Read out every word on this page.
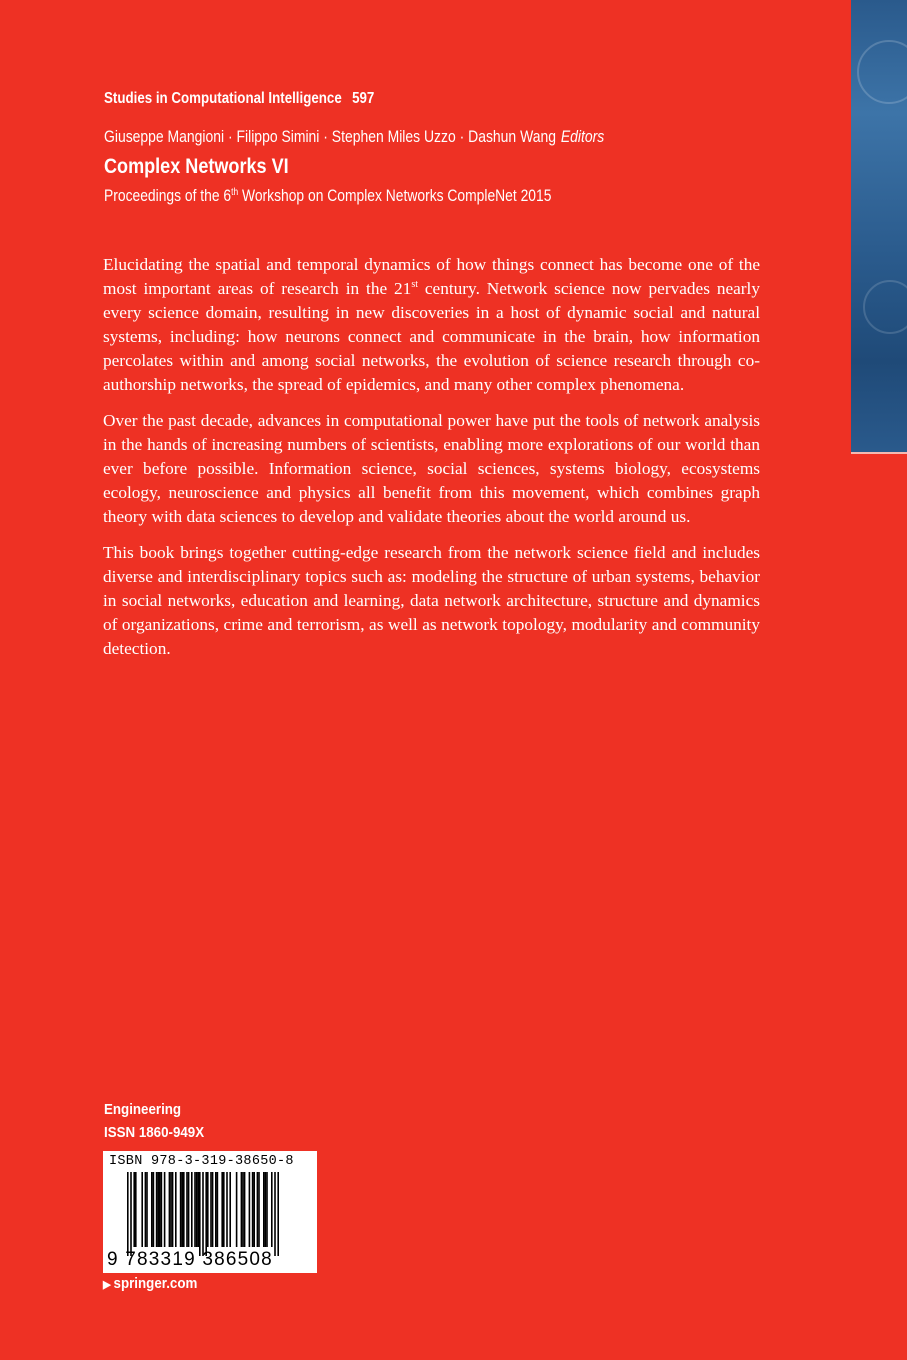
Studies in Computational Intelligence 597
Giuseppe Mangioni · Filippo Simini · Stephen Miles Uzzo · Dashun Wang Editors
Complex Networks VI
Proceedings of the 6th Workshop on Complex Networks CompleNet 2015

Elucidating the spatial and temporal dynamics of how things connect has become one of the most important areas of research in the 21st century. Network science now pervades nearly every science domain, resulting in new discoveries in a host of dynamic social and natural systems, including: how neurons connect and communicate in the brain, how information percolates within and among social networks, the evolution of science research through co-authorship networks, the spread of epidemics, and many other complex phenomena.

Over the past decade, advances in computational power have put the tools of network analysis in the hands of increasing numbers of scientists, enabling more explorations of our world than ever before possible. Information science, social sciences, systems biology, ecosystems ecology, neuroscience and physics all benefit from this movement, which combines graph theory with data sciences to develop and validate theories about the world around us.

This book brings together cutting-edge research from the network science field and includes diverse and interdisciplinary topics such as: modeling the structure of urban systems, behavior in social networks, education and learning, data network architecture, structure and dynamics of organizations, crime and terrorism, as well as network topology, modularity and community detection.

Engineering
ISSN 1860-949X
ISBN 978-3-319-38650-8
9 783319 386508
▶ springer.com
